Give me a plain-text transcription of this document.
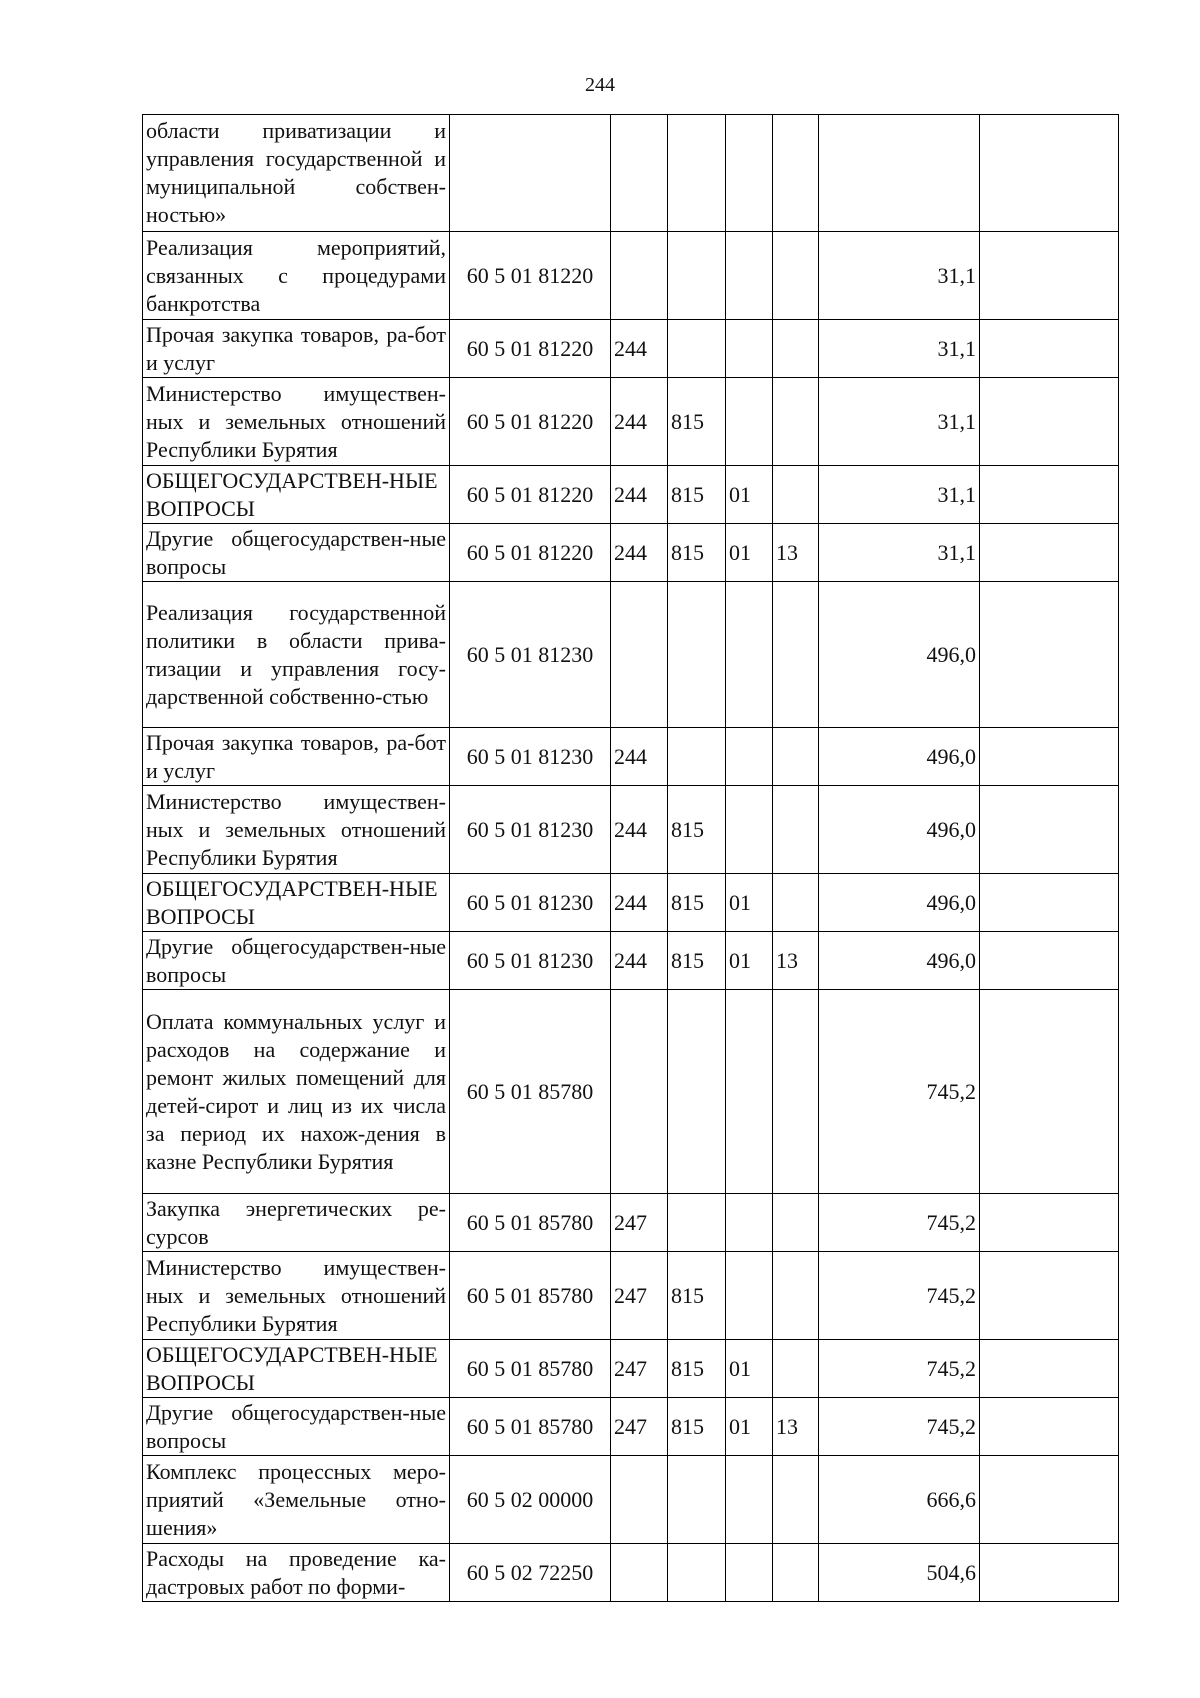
244
области приватизации и управления государственной и муниципальной собствен-ностью»							
Реализация мероприятий, связанных с процедурами банкротства	60 5 01 81220					31,1	
Прочая закупка товаров, ра-бот и услуг	60 5 01 81220	244				31,1	
Министерство имуществен-ных и земельных отношений Республики Бурятия	60 5 01 81220	244	815			31,1	
ОБЩЕГОСУДАРСТВЕН-НЫЕ ВОПРОСЫ	60 5 01 81220	244	815	01		31,1	
Другие общегосударствен-ные вопросы	60 5 01 81220	244	815	01	13	31,1	
Реализация государственной политики в области прива-тизации и управления госу-дарственной собственно-стью	60 5 01 81230					496,0	
Прочая закупка товаров, ра-бот и услуг	60 5 01 81230	244				496,0	
Министерство имуществен-ных и земельных отношений Республики Бурятия	60 5 01 81230	244	815			496,0	
ОБЩЕГОСУДАРСТВЕН-НЫЕ ВОПРОСЫ	60 5 01 81230	244	815	01		496,0	
Другие общегосударствен-ные вопросы	60 5 01 81230	244	815	01	13	496,0	
Оплата коммунальных услуг и расходов на содержание и ремонт жилых помещений для детей-сирот и лиц из их числа за период их нахож-дения в казне Республики Бурятия	60 5 01 85780					745,2	
Закупка энергетических ре-сурсов	60 5 01 85780	247				745,2	
Министерство имуществен-ных и земельных отношений Республики Бурятия	60 5 01 85780	247	815			745,2	
ОБЩЕГОСУДАРСТВЕН-НЫЕ ВОПРОСЫ	60 5 01 85780	247	815	01		745,2	
Другие общегосударствен-ные вопросы	60 5 01 85780	247	815	01	13	745,2	
Комплекс процессных меро-приятий «Земельные отно-шения»	60 5 02 00000					666,6	
Расходы на проведение ка-дастровых работ по форми-	60 5 02 72250					504,6	
